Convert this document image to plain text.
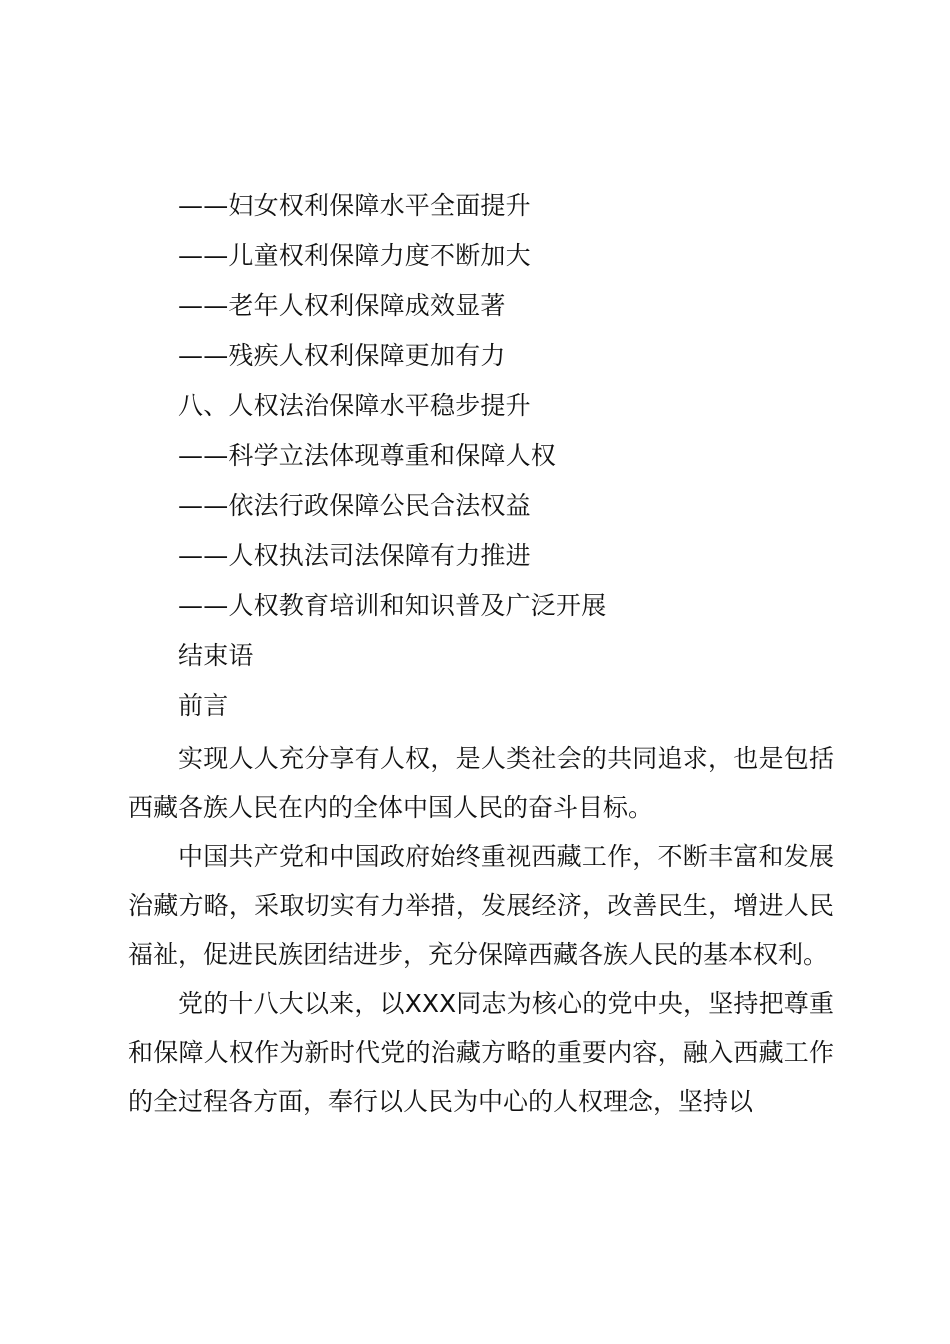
——妇女权利保障水平全面提升
——儿童权利保障力度不断加大
——老年人权利保障成效显著
——残疾人权利保障更加有力
八、人权法治保障水平稳步提升
——科学立法体现尊重和保障人权
——依法行政保障公民合法权益
——人权执法司法保障有力推进
——人权教育培训和知识普及广泛开展
结束语
前言

实现人人充分享有人权，是人类社会的共同追求，也是包括西藏各族人民在内的全体中国人民的奋斗目标。

中国共产党和中国政府始终重视西藏工作，不断丰富和发展治藏方略，采取切实有力举措，发展经济，改善民生，增进人民福祉，促进民族团结进步，充分保障西藏各族人民的基本权利。

党的十八大以来，以XXX同志为核心的党中央，坚持把尊重和保障人权作为新时代党的治藏方略的重要内容，融入西藏工作的全过程各方面，奉行以人民为中心的人权理念，坚持以
